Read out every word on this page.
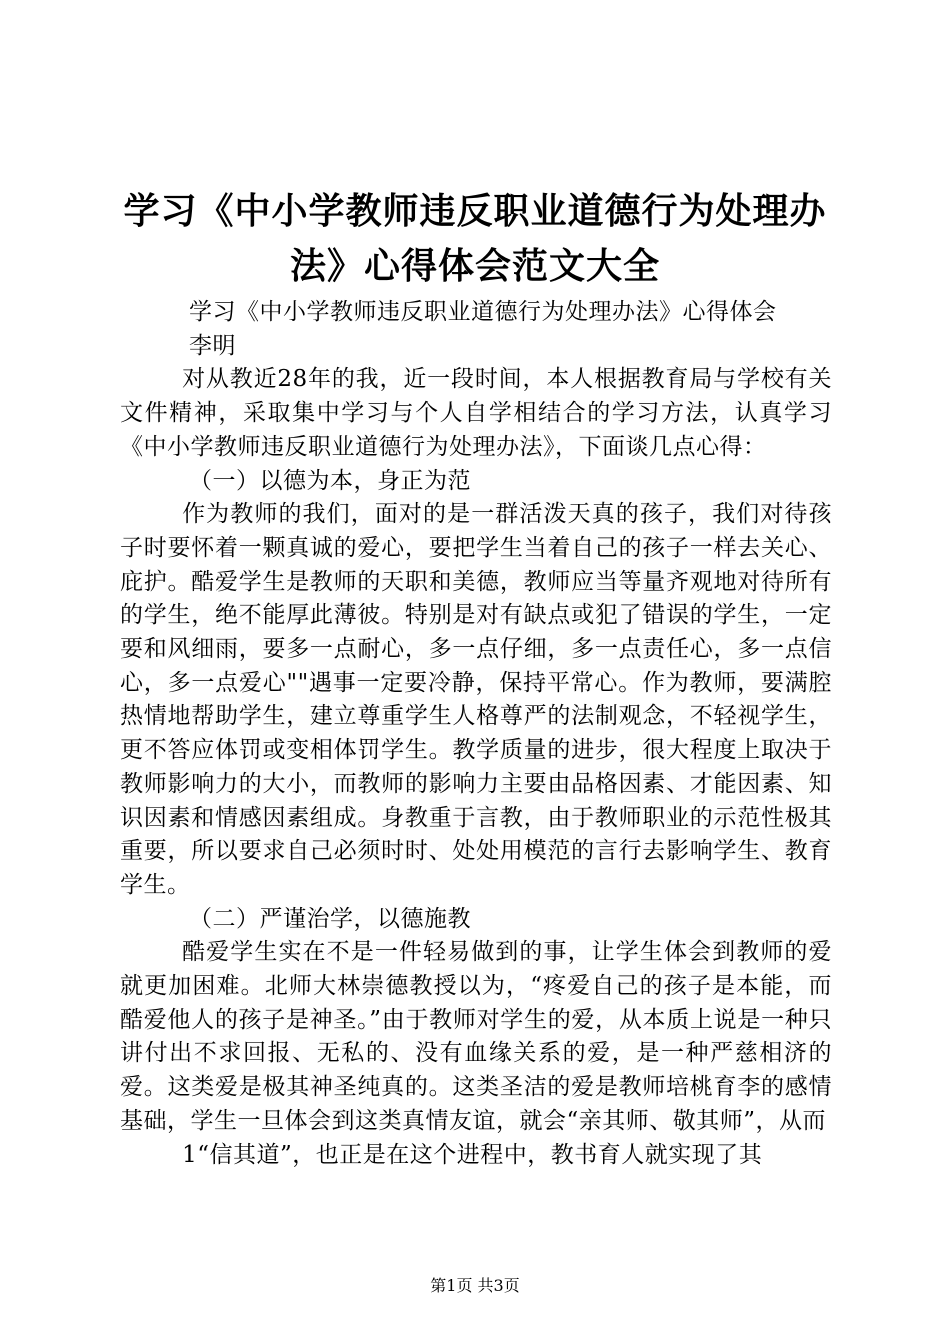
学习《中小学教师违反职业道德行为处理办
法》心得体会范文大全

学习《中小学教师违反职业道德行为处理办法》心得体会

李明

对从教近28年的我，近一段时间，本人根据教育局与学校有关文件精神，采取集中学习与个人自学相结合的学习方法，认真学习《中小学教师违反职业道德行为处理办法》，下面谈几点心得：

（一）以德为本，身正为范

作为教师的我们，面对的是一群活泼天真的孩子，我们对待孩子时要怀着一颗真诚的爱心，要把学生当着自己的孩子一样去关心、庇护。酷爱学生是教师的天职和美德，教师应当等量齐观地对待所有的学生，绝不能厚此薄彼。特别是对有缺点或犯了错误的学生，一定要和风细雨，要多一点耐心，多一点仔细，多一点责任心，多一点信心，多一点爱心""遇事一定要冷静，保持平常心。作为教师，要满腔热情地帮助学生，建立尊重学生人格尊严的法制观念，不轻视学生，更不答应体罚或变相体罚学生。教学质量的进步，很大程度上取决于教师影响力的大小，而教师的影响力主要由品格因素、才能因素、知识因素和情感因素组成。身教重于言教，由于教师职业的示范性极其重要，所以要求自己必须时时、处处用模范的言行去影响学生、教育学生。

（二）严谨治学，以德施教

酷爱学生实在不是一件轻易做到的事，让学生体会到教师的爱就更加困难。北师大林崇德教授以为，“疼爱自己的孩子是本能，而酷爱他人的孩子是神圣。”由于教师对学生的爱，从本质上说是一种只讲付出不求回报、无私的、没有血缘关系的爱，是一种严慈相济的爱。这类爱是极其神圣纯真的。这类圣洁的爱是教师培桃育李的感情基础，学生一旦体会到这类真情友谊，就会“亲其师、敬其师”，从而

1“信其道”，也正是在这个进程中，教书育人就实现了其

第1页 共3页
